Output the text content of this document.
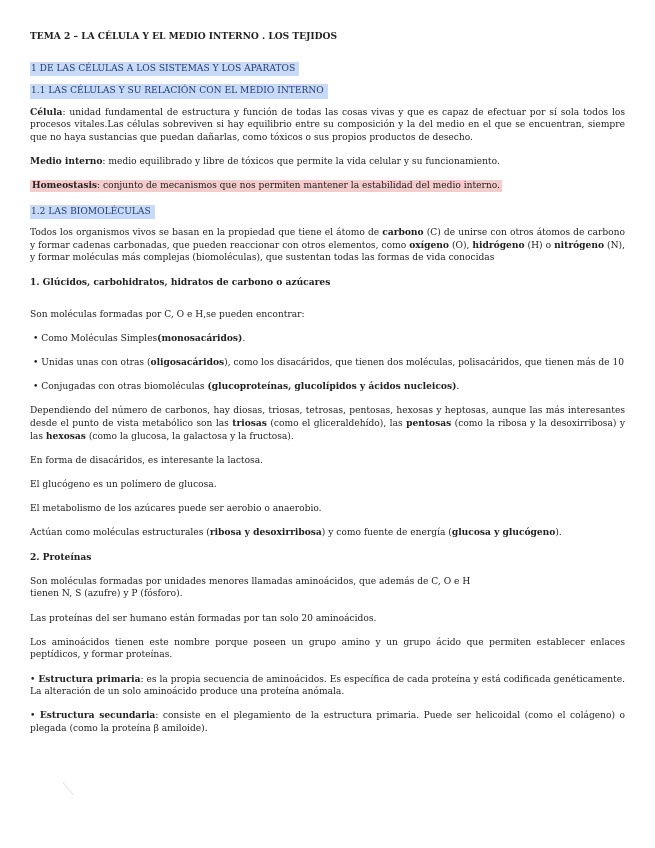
TEMA 2 – LA CÉLULA Y EL MEDIO INTERNO . LOS TEJIDOS
1 DE LAS CÉLULAS A LOS SISTEMAS Y LOS APARATOS
1.1 LAS CÉLULAS Y SU RELACIÓN CON EL MEDIO INTERNO

Célula: unidad fundamental de estructura y función de todas las cosas vivas y que es capaz de efectuar por sí sola todos los procesos vitales.Las células sobreviven si hay equilibrio entre su composición y la del medio en el que se encuentran, siempre que no haya sustancias que puedan dañarlas, como tóxicos o sus propios productos de desecho.

Medio interno: medio equilibrado y libre de tóxicos que permite la vida celular y su funcionamiento.

Homeostasis: conjunto de mecanismos que nos permiten mantener la estabilidad del medio interno.

1.2 LAS BIOMOLÉCULAS

Todos los organismos vivos se basan en la propiedad que tiene el átomo de carbono (C) de unirse con otros átomos de carbono y formar cadenas carbonadas, que pueden reaccionar con otros elementos, como oxígeno (O), hidrógeno (H) o nitrógeno (N), y formar moléculas más complejas (biomoléculas), que sustentan todas las formas de vida conocidas

1. Glúcidos, carbohidratos, hidratos de carbono o azúcares

Son moléculas formadas por C, O e H,se pueden encontrar:

• Como Moléculas Simples(monosacáridos).

• Unidas unas con otras (oligosacáridos), como los disacáridos, que tienen dos moléculas, polisacáridos, que tienen más de 10

• Conjugadas con otras biomoléculas (glucoproteínas, glucolípidos y ácidos nucleicos).

Dependiendo del número de carbonos, hay diosas, triosas, tetrosas, pentosas, hexosas y heptosas, aunque las más interesantes desde el punto de vista metabólico son las triosas (como el gliceraldehído), las pentosas (como la ribosa y la desoxirribosa) y las hexosas (como la glucosa, la galactosa y la fructosa).

En forma de disacáridos, es interesante la lactosa.

El glucógeno es un polímero de glucosa.

El metabolismo de los azúcares puede ser aerobio o anaerobio.

Actúan como moléculas estructurales (ribosa y desoxirribosa) y como fuente de energía (glucosa y glucógeno).

2. Proteínas

Son moléculas formadas por unidades menores llamadas aminoácidos, que además de C, O e H
tienen N, S (azufre) y P (fósforo).

Las proteínas del ser humano están formadas por tan solo 20 aminoácidos.

Los aminoácidos tienen este nombre porque poseen un grupo amino y un grupo ácido que permiten establecer enlaces peptídicos, y formar proteínas.

• Estructura primaria: es la propia secuencia de aminoácidos. Es específica de cada proteína y está codificada genéticamente. La alteración de un solo aminoácido produce una proteína anómala.

• Estructura secundaria: consiste en el plegamiento de la estructura primaria. Puede ser helicoidal (como el colágeno) o plegada (como la proteína β amiloide).
